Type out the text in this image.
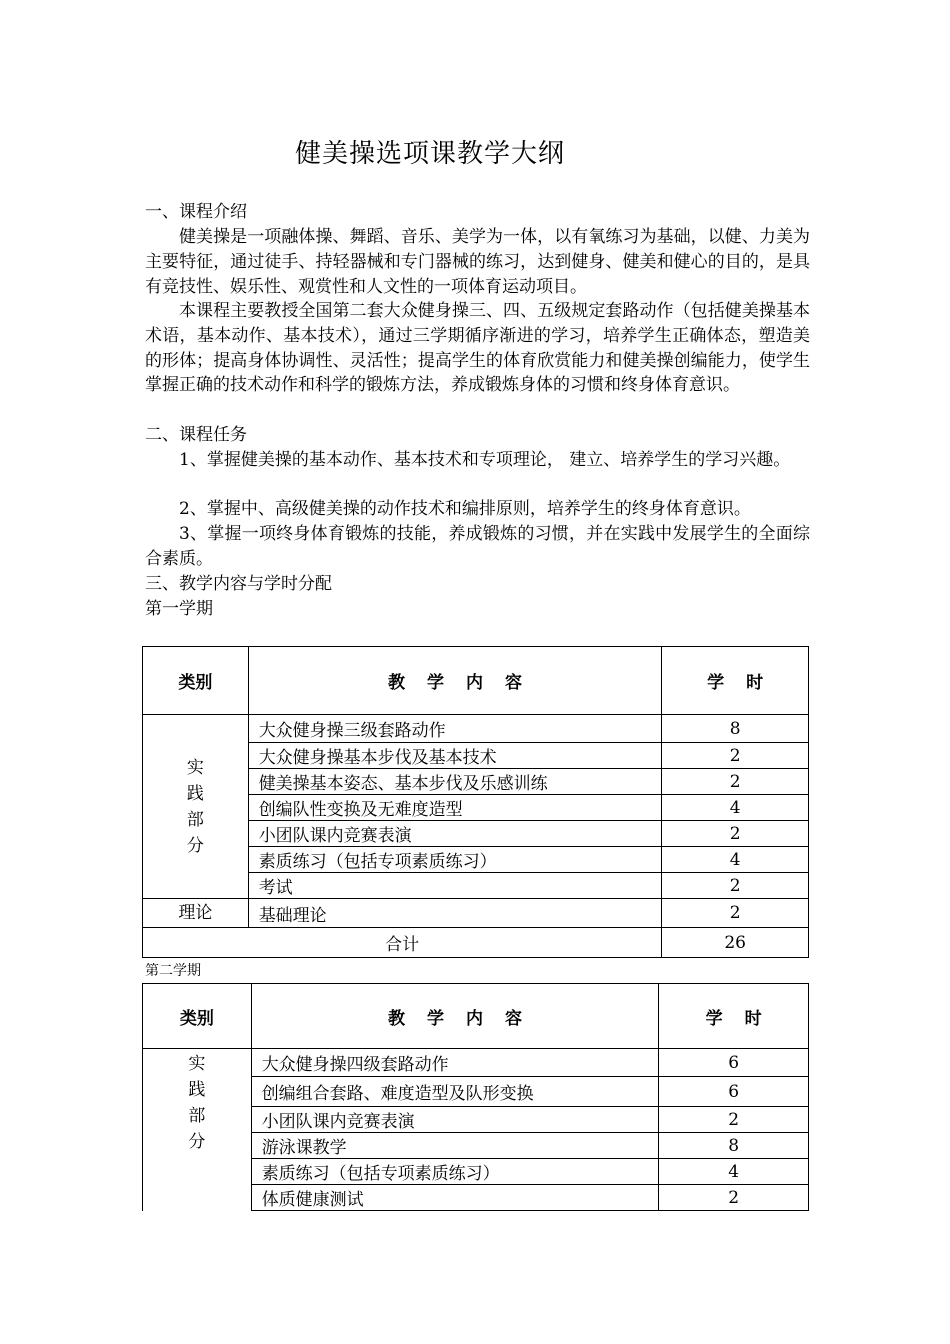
健美操选项课教学大纲
一、课程介绍
健美操是一项融体操、舞蹈、音乐、美学为一体，以有氧练习为基础，以健、力美为主要特征，通过徒手、持轻器械和专门器械的练习，达到健身、健美和健心的目的，是具有竞技性、娱乐性、观赏性和人文性的一项体育运动项目。
本课程主要教授全国第二套大众健身操三、四、五级规定套路动作（包括健美操基本术语，基本动作、基本技术），通过三学期循序渐进的学习，培养学生正确体态，塑造美的形体；提高身体协调性、灵活性；提高学生的体育欣赏能力和健美操创编能力，使学生掌握正确的技术动作和科学的锻炼方法，养成锻炼身体的习惯和终身体育意识。
二、课程任务
1、掌握健美操的基本动作、基本技术和专项理论， 建立、培养学生的学习兴趣。
2、掌握中、高级健美操的动作技术和编排原则，培养学生的终身体育意识。
3、掌握一项终身体育锻炼的技能，养成锻炼的习惯，并在实践中发展学生的全面综合素质。
三、教学内容与学时分配
第一学期
类别	教学内容	学时

实
践
部
分	大众健身操三级套路动作	8
	大众健身操基本步伐及基本技术	2
	健美操基本姿态、基本步伐及乐感训练	2
	创编队性变换及无难度造型	4
	小团队课内竞赛表演	2
	素质练习（包括专项素质练习）	4
	考试	2
理论	基础理论	2
合计		26
第二学期
类别	教学内容	学时

实
践
部
分	大众健身操四级套路动作	6
	创编组合套路、难度造型及队形变换	6
	小团队课内竞赛表演	2
	游泳课教学	8
	素质练习（包括专项素质练习）	4
	体质健康测试	2
